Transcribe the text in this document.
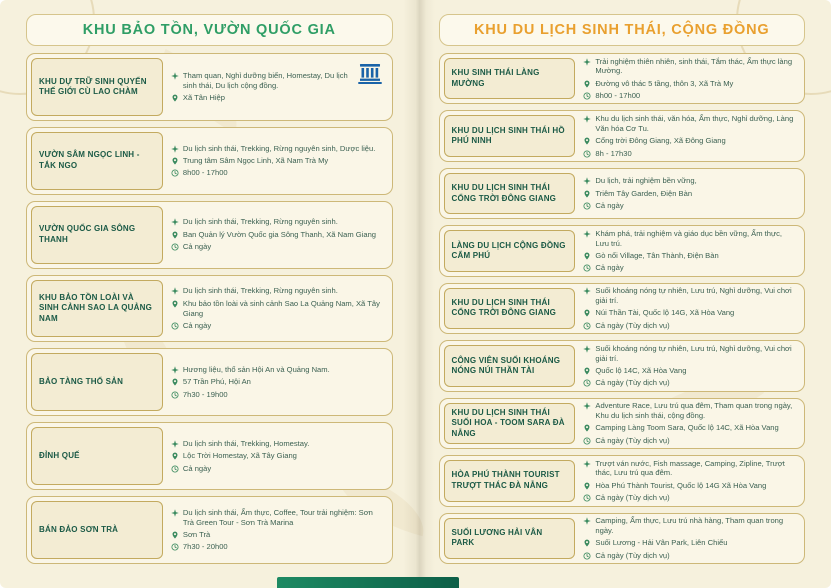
KHU BẢO TỒN, VƯỜN QUỐC GIA
KHU DỰ TRỮ SINH QUYỂN THẾ GIỚI CÙ LAO CHÀM
Tham quan, Nghỉ dưỡng biển, Homestay, Du lịch sinh thái, Du lịch cộng đồng.
Xã Tân Hiệp
VƯỜN SÂM NGỌC LINH - TẮK NGO
Du lịch sinh thái, Trekking, Rừng nguyên sinh, Dược liệu.
Trung tâm Sâm Ngọc Linh, Xã Nam Trà My
8h00 - 17h00
VƯỜN QUỐC GIA SÔNG THANH
Du lịch sinh thái, Trekking, Rừng nguyên sinh.
Ban Quản lý Vườn Quốc gia Sông Thanh, Xã Nam Giang
Cả ngày
KHU BẢO TỒN LOÀI VÀ SINH CẢNH SAO LA QUẢNG NAM
Du lịch sinh thái, Trekking, Rừng nguyên sinh.
Khu bảo tồn loài và sinh cảnh Sao La Quảng Nam, Xã Tây Giang
Cả ngày
BẢO TÀNG THỔ SẢN
Hương liệu, thổ sản Hội An và Quảng Nam.
57 Trần Phú, Hội An
7h30 - 19h00
ĐỈNH QUẾ
Du lịch sinh thái, Trekking, Homestay.
Lộc Trời Homestay, Xã Tây Giang
Cả ngày
BÁN ĐẢO SƠN TRÀ
Du lịch sinh thái, Ẩm thực, Coffee, Tour trải nghiệm: Sơn Trà Green Tour - Sơn Trà Marina
Sơn Trà
7h30 - 20h00
KHU DU LỊCH SINH THÁI, CỘNG ĐỒNG
KHU SINH THÁI LÀNG MƯỜNG
Trải nghiệm thiên nhiên, sinh thái, Tắm thác, Ẩm thực làng Mường.
Đường vô thác 5 tầng, thôn 3, Xã Trà My
8h00 - 17h00
KHU DU LỊCH SINH THÁI HỒ PHÚ NINH
Khu du lịch sinh thái, văn hóa, Ẩm thực, Nghỉ dưỡng, Làng Văn hóa Cơ Tu.
Cổng trời Đông Giang, Xã Đông Giang
8h - 17h30
KHU DU LỊCH SINH THÁI CỔNG TRỜI ĐÔNG GIANG
Du lịch, trải nghiệm bền vững,
Triêm Tây Garden, Điện Bàn
Cả ngày
LÀNG DU LỊCH CỘNG ĐỒNG CẨM PHÚ
Khám phá, trải nghiệm và giáo dục bền vững, Ẩm thực, Lưu trú.
Gò nổi Village, Tân Thành, Điện Bàn
Cả ngày
KHU DU LỊCH SINH THÁI CỔNG TRỜI ĐÔNG GIANG
Suối khoáng nóng tự nhiên, Lưu trú, Nghỉ dưỡng, Vui chơi giải trí.
Núi Thần Tài, Quốc lộ 14G, Xã Hòa Vang
Cả ngày (Tùy dịch vụ)
CÔNG VIÊN SUỐI KHOÁNG NÓNG NÚI THẦN TÀI
Suối khoáng nóng tự nhiên, Lưu trú, Nghỉ dưỡng, Vui chơi giải trí.
Quốc lộ 14C, Xã Hòa Vang
Cả ngày (Tùy dịch vụ)
KHU DU LỊCH SINH THÁI SUỐI HOA - TOOM SARA ĐÀ NẴNG
Adventure Race, Lưu trú qua đêm, Tham quan trong ngày, Khu du lịch sinh thái, cộng đồng.
Camping Làng Toom Sara, Quốc lộ 14C, Xã Hòa Vang
Cả ngày (Tùy dịch vụ)
HÒA PHÚ THÀNH TOURIST TRƯỢT THÁC ĐÀ NẴNG
Trượt ván nước, Fish massage, Camping, Zipline, Trượt thác, Lưu trú qua đêm.
Hòa Phú Thành Tourist, Quốc lộ 14G Xã Hòa Vang
Cả ngày (Tùy dịch vụ)
SUỐI LƯƠNG HẢI VÂN PARK
Camping, Ẩm thực, Lưu trú nhà hàng, Tham quan trong ngày.
Suối Lương - Hải Vân Park, Liên Chiểu
Cả ngày (Tùy dịch vụ)
